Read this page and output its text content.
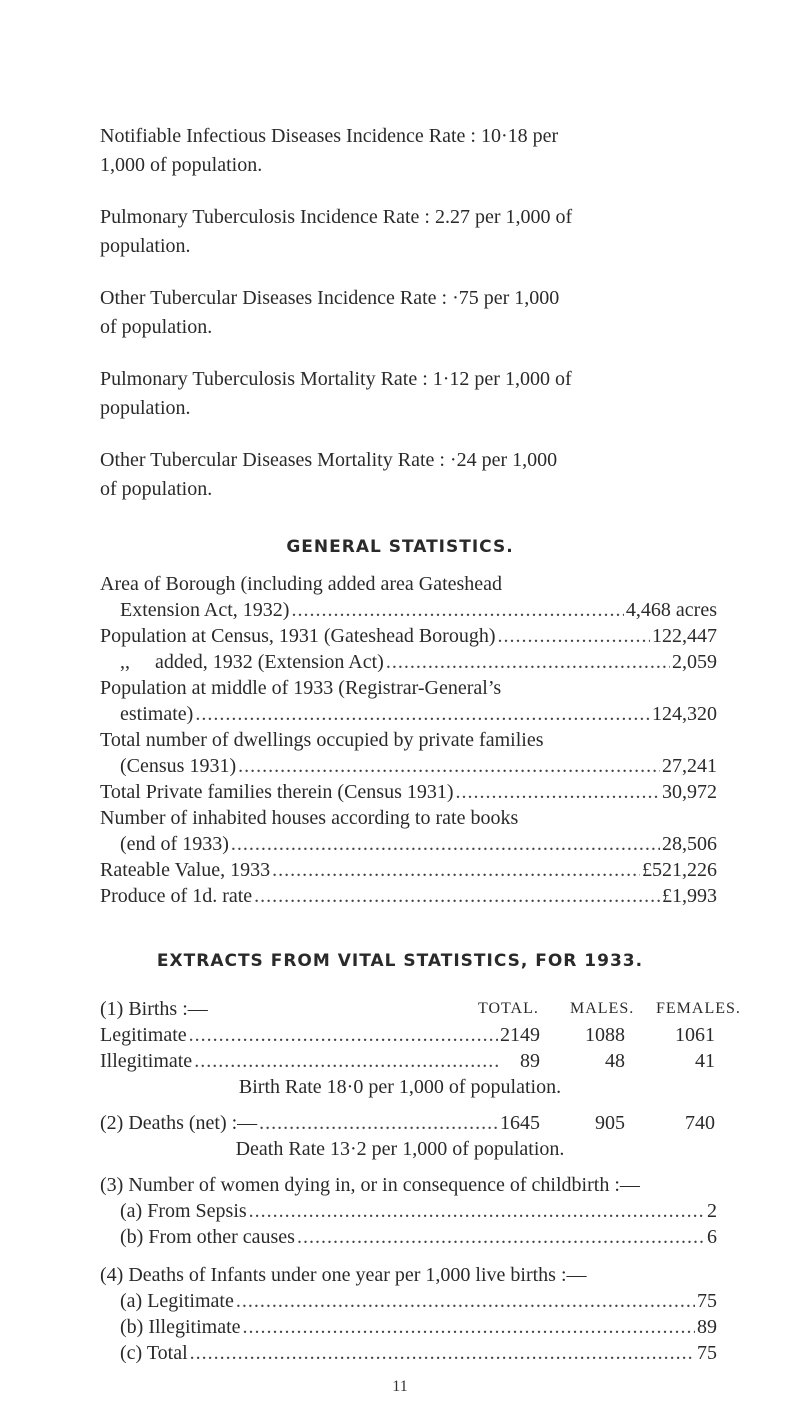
Notifiable Infectious Diseases Incidence Rate : 10·18 per
1,000 of population.
Pulmonary Tuberculosis Incidence Rate : 2.27 per 1,000 of
population.
Other Tubercular Diseases Incidence Rate : ·75 per 1,000
of population.
Pulmonary Tuberculosis Mortality Rate : 1·12 per 1,000 of
population.
Other Tubercular Diseases Mortality Rate : ·24 per 1,000
of population.
GENERAL STATISTICS.
Area of Borough (including added area Gateshead
Extension Act, 1932) .....	4,468 acres
Population at Census, 1931 (Gateshead Borough) .....	122,447
,,     added, 1932 (Extension Act) .....	2,059
Population at middle of 1933 (Registrar-General’s
estimate) .....	124,320
Total number of dwellings occupied by private families
(Census 1931) .....	27,241
Total Private families therein (Census 1931) .....	30,972
Number of inhabited houses according to rate books
(end of 1933) .....	28,506
Rateable Value, 1933 .....	£521,226
Produce of 1d. rate .....	£1,993
EXTRACTS FROM VITAL STATISTICS, FOR 1933.
(1) Births :—	TOTAL. MALES. FEMALES.
Legitimate .....	2149	1088	1061
Illegitimate .....	89	48	41
Birth Rate 18·0 per 1,000 of population.
(2) Deaths (net) :— .....	1645	905	740
Death Rate 13·2 per 1,000 of population.
(3) Number of women dying in, or in consequence of childbirth :—
(a) From Sepsis .....	2
(b) From other causes .....	6
(4) Deaths of Infants under one year per 1,000 live births :—
(a) Legitimate .....	75
(b) Illegitimate .....	89
(c) Total .....	75
11
